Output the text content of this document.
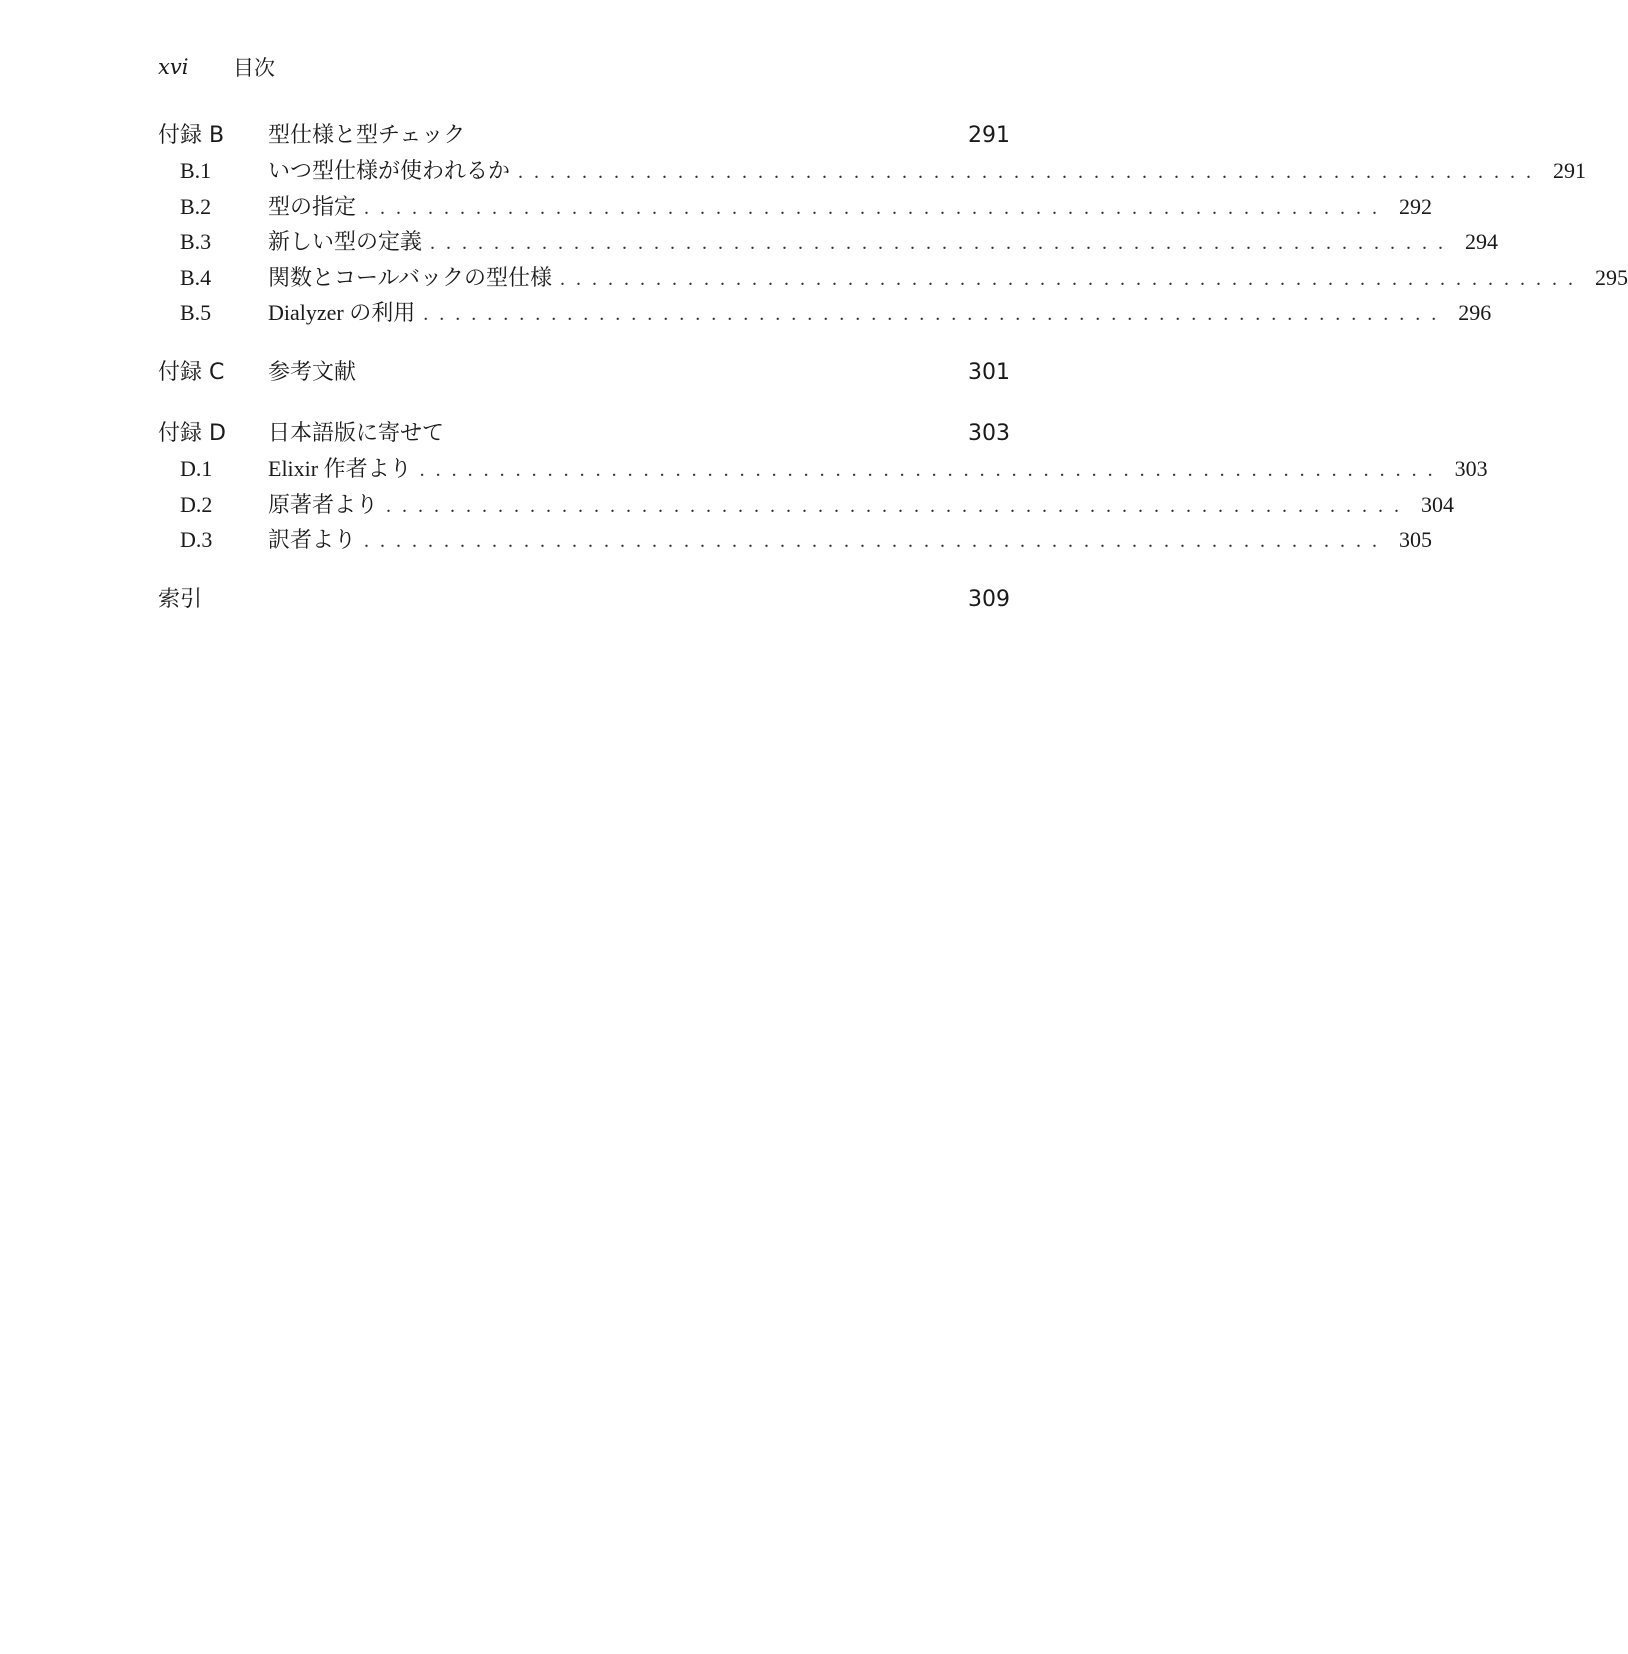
xvi	目次
付録 B	型仕様と型チェック	291
B.1	いつ型仕様が使われるか ................................................................ 291
B.2	型の指定 ................................................................ 292
B.3	新しい型の定義 ................................................................ 294
B.4	関数とコールバックの型仕様 ................................................................ 295
B.5	Dialyzer の利用 ................................................................ 296
付録 C	参考文献	301
付録 D	日本語版に寄せて	303
D.1	Elixir 作者より ................................................................ 303
D.2	原著者より ................................................................ 304
D.3	訳者より ................................................................ 305
索引	309
